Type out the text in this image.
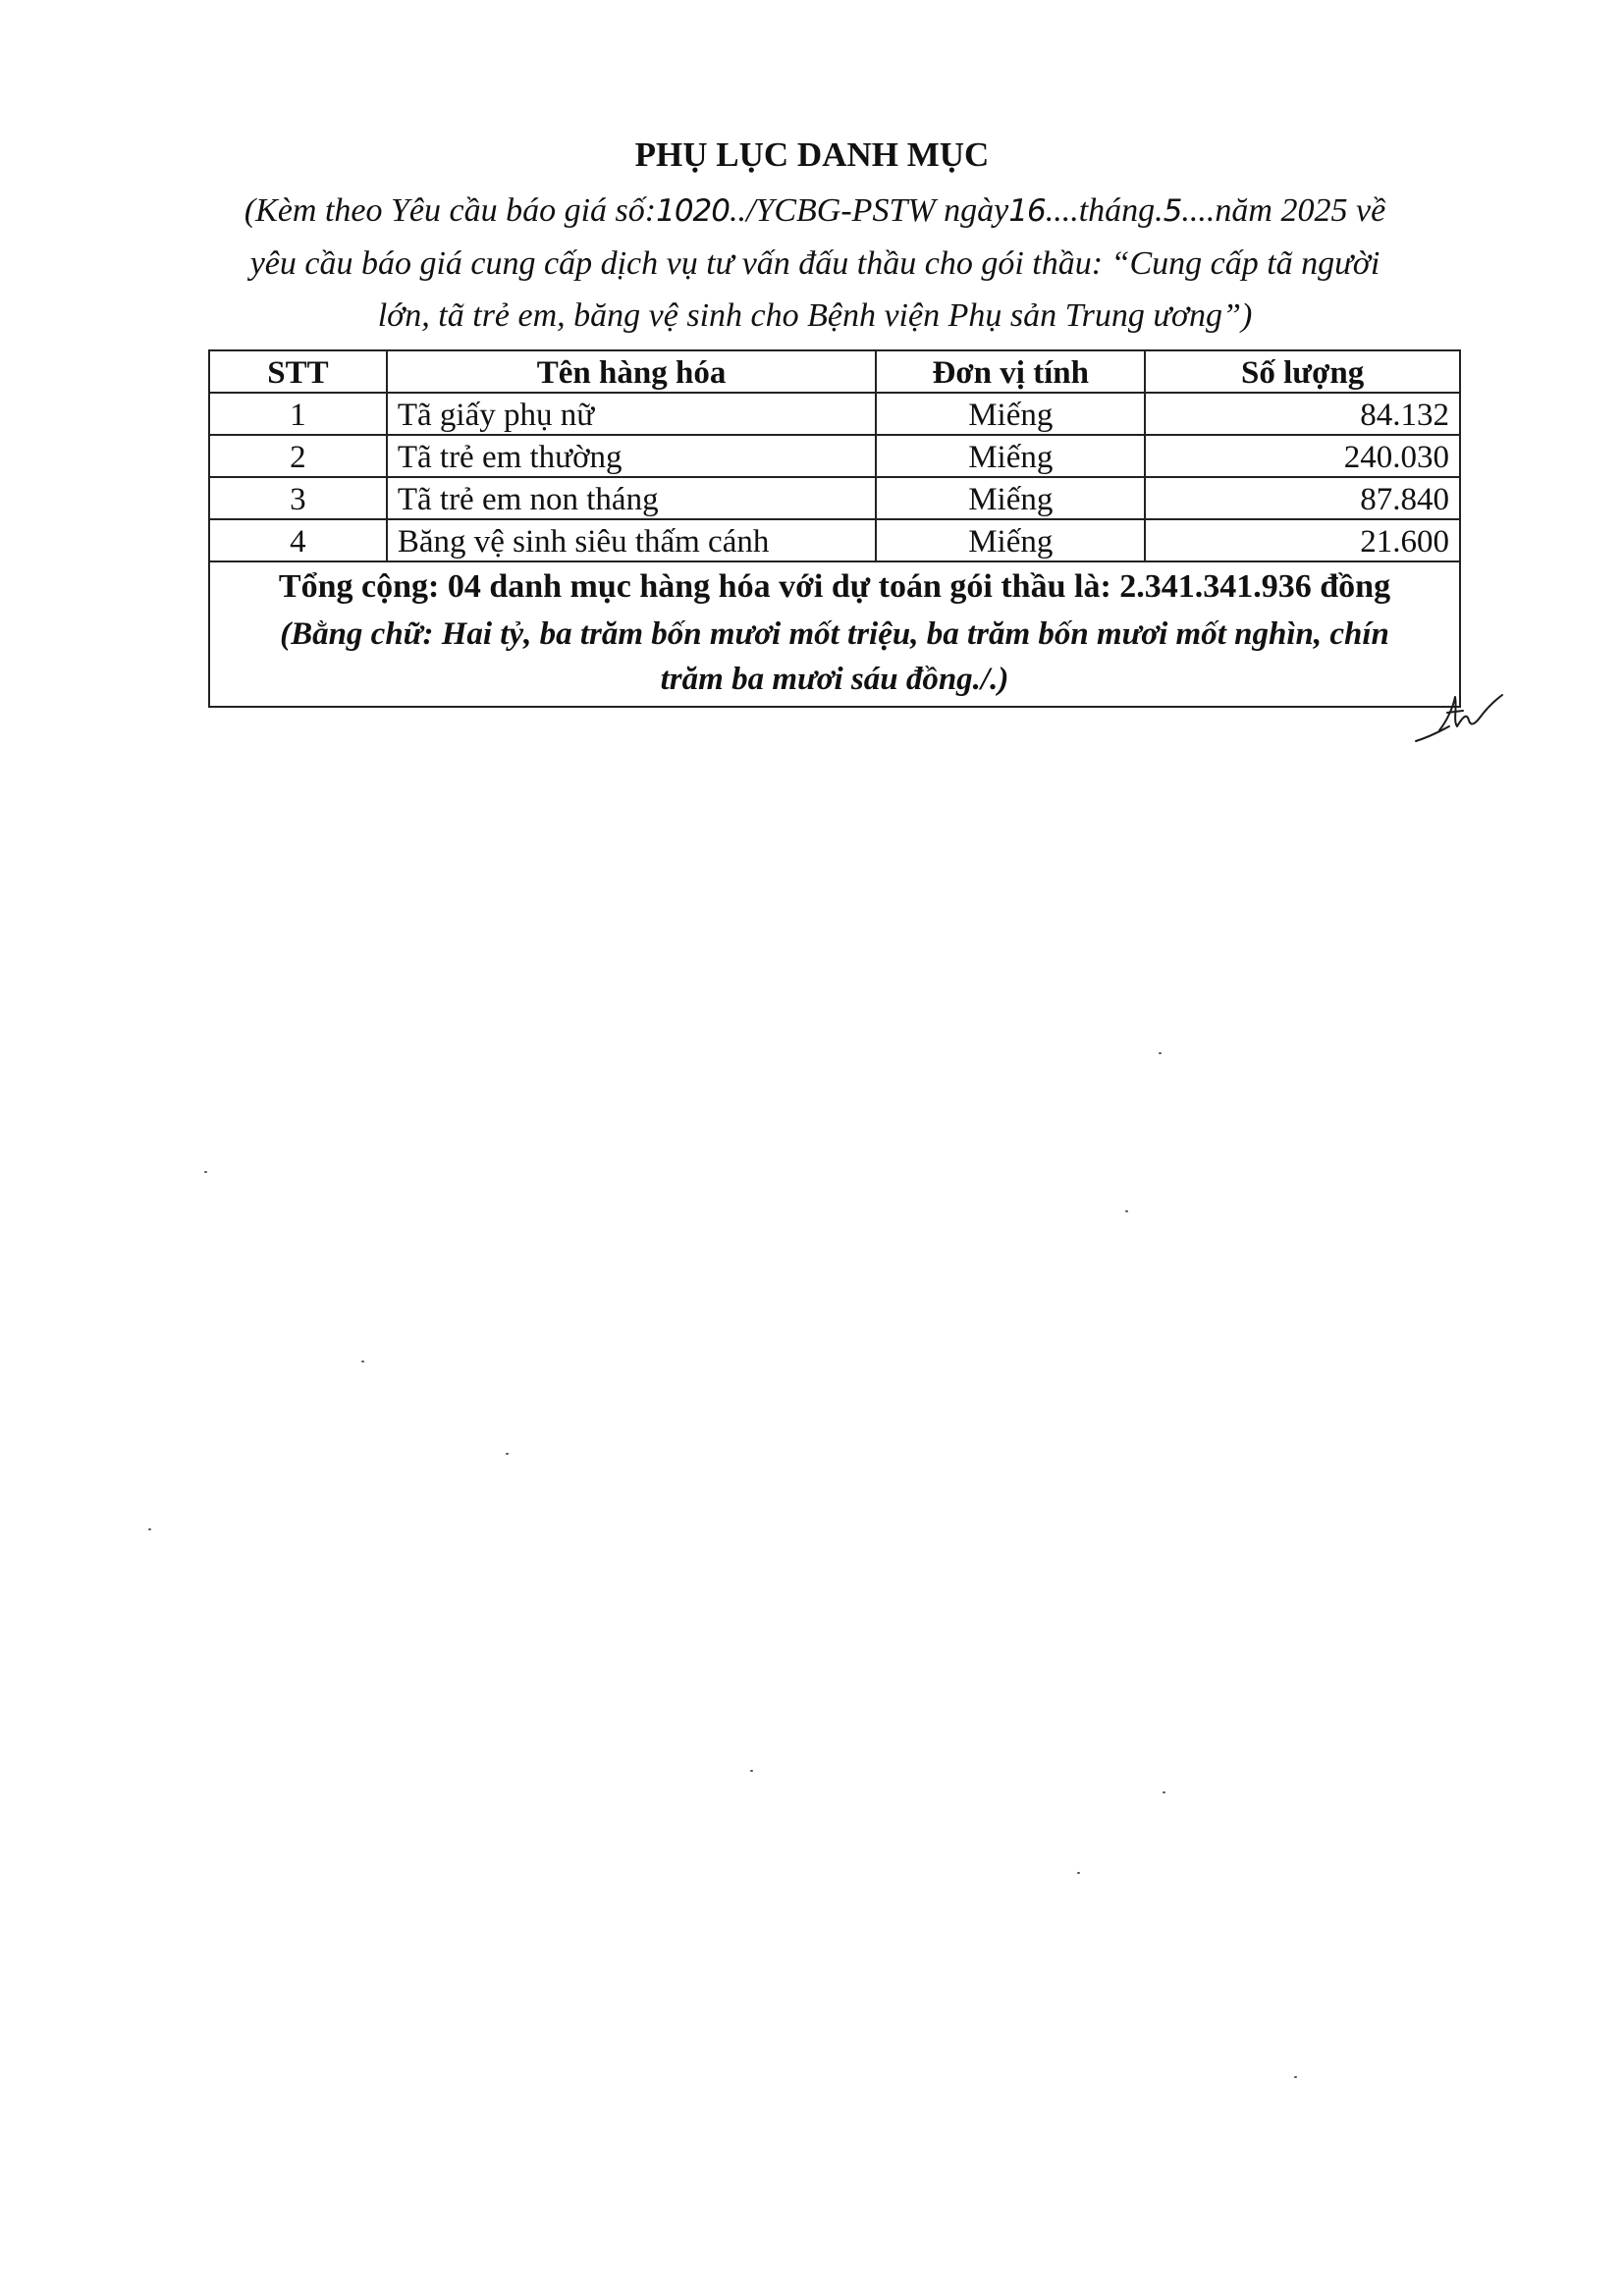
PHỤ LỤC DANH MỤC
(Kèm theo Yêu cầu báo giá số:1020../YCBG-PSTW ngày16....tháng.5....năm 2025 về
yêu cầu báo giá cung cấp dịch vụ tư vấn đấu thầu cho gói thầu: “Cung cấp tã người
lớn, tã trẻ em, băng vệ sinh cho Bệnh viện Phụ sản Trung ương”)
STT	Tên hàng hóa	Đơn vị tính	Số lượng
1	Tã giấy phụ nữ	Miếng	84.132
2	Tã trẻ em thường	Miếng	240.030
3	Tã trẻ em non tháng	Miếng	87.840
4	Băng vệ sinh siêu thấm cánh	Miếng	21.600

Tổng cộng: 04 danh mục hàng hóa với dự toán gói thầu là: 2.341.341.936 đồng
(Bằng chữ: Hai tỷ, ba trăm bốn mươi mốt triệu, ba trăm bốn mươi mốt nghìn, chín
trăm ba mươi sáu đồng./.)			
